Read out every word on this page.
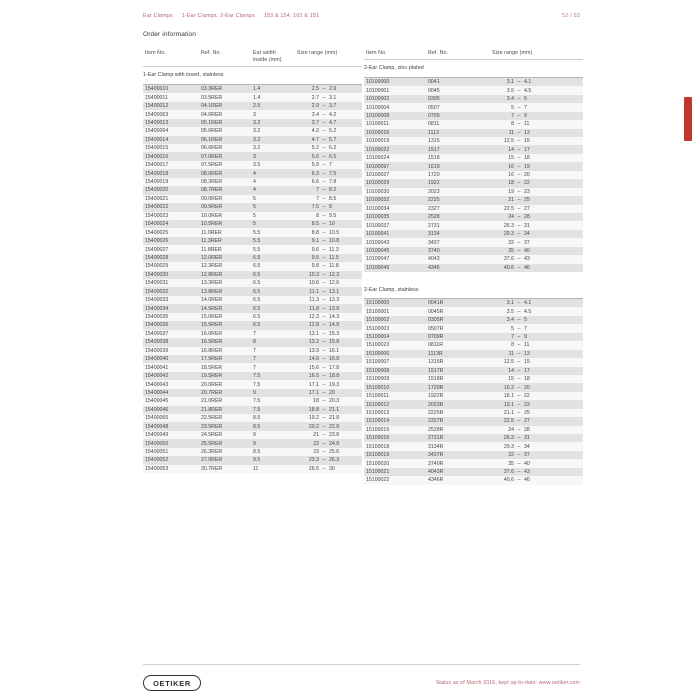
Ear Clamps 1-Ear Clamps, 2-Ear Clamps 153 & 154, 101 & 151	52 / 53
Order information
Item No.	Ref. No.	Ear width
inside (mm)
Size range (mm)
1-Ear Clamp with insert, stainless
15400010	03.3RER	1.4	2.5 – 2.9
15400011	03.5RER	1.4	2.7 – 3.1
15400012	04.1RER	2.5	2.9 – 3.7
15400063	04.6RER	3	3.4 – 4.2
15400013	05.1RER	3.2	3.7 – 4.7
15400064	05.6RER	3.2	4.2 – 5.2
15400014	06.1RER	3.2	4.7 – 5.7
15400015	06.6RER	3.2	5.2 – 6.2
15400016	07.0RER	3	5.6 – 6.5
15400017	07.5RER	3.5	5.9 – 7
15400018	08.0RER	4	6.3 – 7.5
15400019	08.3RER	4	6.6 – 7.8
15400020	08.7RER	4	7 – 8.2
15400021	09.0RER	5	7 – 8.5
15400022	09.5RER	5	7.5 – 9
15400023	10.0RER	5	8 – 9.5
15400024	10.5RER	5	8.5 – 10
15400025	11.0RER	5.5	8.8 – 10.5
15400026	11.3RER	5.5	9.1 – 10.8
15400027	11.8RER	5.5	9.6 – 11.3
15400028	12.0RER	6.5	9.5 – 11.5
15400029	12.3RER	6.5	9.8 – 11.8
15400030	12.8RER	6.5	10.3 – 12.3
15400031	13.3RER	6.5	10.6 – 12.6
15400032	13.8RER	6.5	11.1 – 13.1
15400033	14.0RER	6.5	11.3 – 13.3
15400034	14.5RER	6.5	11.8 – 13.8
15400035	15.0RER	6.5	12.3 – 14.3
15400036	15.5RER	6.5	12.8 – 14.8
15400037	16.0RER	7	13.1 – 15.3
15400038	16.5RER	8	13.2 – 15.8
15400039	16.8RER	7	13.9 – 16.1
15400040	17.5RER	7	14.6 – 16.8
15400041	18.5RER	7	15.6 – 17.8
15400042	19.5RER	7.5	16.5 – 18.8
15400043	20.0RER	7.5	17.1 – 19.3
15400044	20.7RER	9	17.1 – 20
15400045	21.0RER	7.5	18 – 20.3
15400046	21.8RER	7.5	18.8 – 21.1
15400065	22.5RER	8.5	19.2 – 21.8
15400048	23.5RER	8.5	20.2 – 22.8
15400049	24.5RER	9	21 – 23.8
15400050	25.5RER	9	22 – 24.8
15400051	26.3RER	8.5	23 – 25.6
15400052	27.0RER	9.5	23.3 – 26.3
15400053	30.7RER	11	26.5 – 30
Item No.	Ref. No.	Size range (mm)
2-Ear Clamp, zinc-plated
10100000	0041	3.1 – 4.1
10100001	0045	3.5 – 4.5
10100002	0305	3.4 – 5
10100004	0507	5 – 7
10100008	0709	7 – 9
10100011	0811	8 – 11
10100016	1113	11 – 13
10100019	1315	12.5 – 15
10100022	1517	14 – 17
10100024	1518	15 – 18
10100097	1619	16 – 19
10100027	1720	16 – 20
10100029	1922	18 – 22
10100030	2023	19 – 23
10100032	2225	21 – 25
10100034	2327	22.5 – 27
10100035	2528	24 – 28
10100037	2731	26.3 – 31
10100041	3134	29.3 – 34
10100043	3437	32 – 37
10100045	3740	35 – 40
10100047	4043	37.6 – 43
10100049	4346	40.6 – 46
2-Ear Clamp, stainless
15100000	0041R	3.1 – 4.1
15100001	0045R	3.5 – 4.5
15100002	0305R	3.4 – 5
15100003	0507R	5 – 7
15100004	0709R	7 – 9
15100023	0811R	8 – 11
15100006	1113R	11 – 13
15100007	1315R	12.5 – 15
15100008	1517R	14 – 17
15100009	1518R	15 – 18
15100010	1720R	16.2 – 20
15100011	1922R	18.1 – 22
15100012	2023R	19.1 – 23
15100013	2225R	21.1 – 25
15100014	2327R	22.5 – 27
15100015	2528R	24 – 28
15100016	2731R	26.3 – 31
15100018	3134R	29.3 – 34
15100019	3437R	32 – 37
15100020	3740R	35 – 40
15100021	4043R	37.6 – 43
15100022	4346R	40.6 – 46
OETIKER	Status as of March 2016, kept up-to-date: www.oetiker.com
